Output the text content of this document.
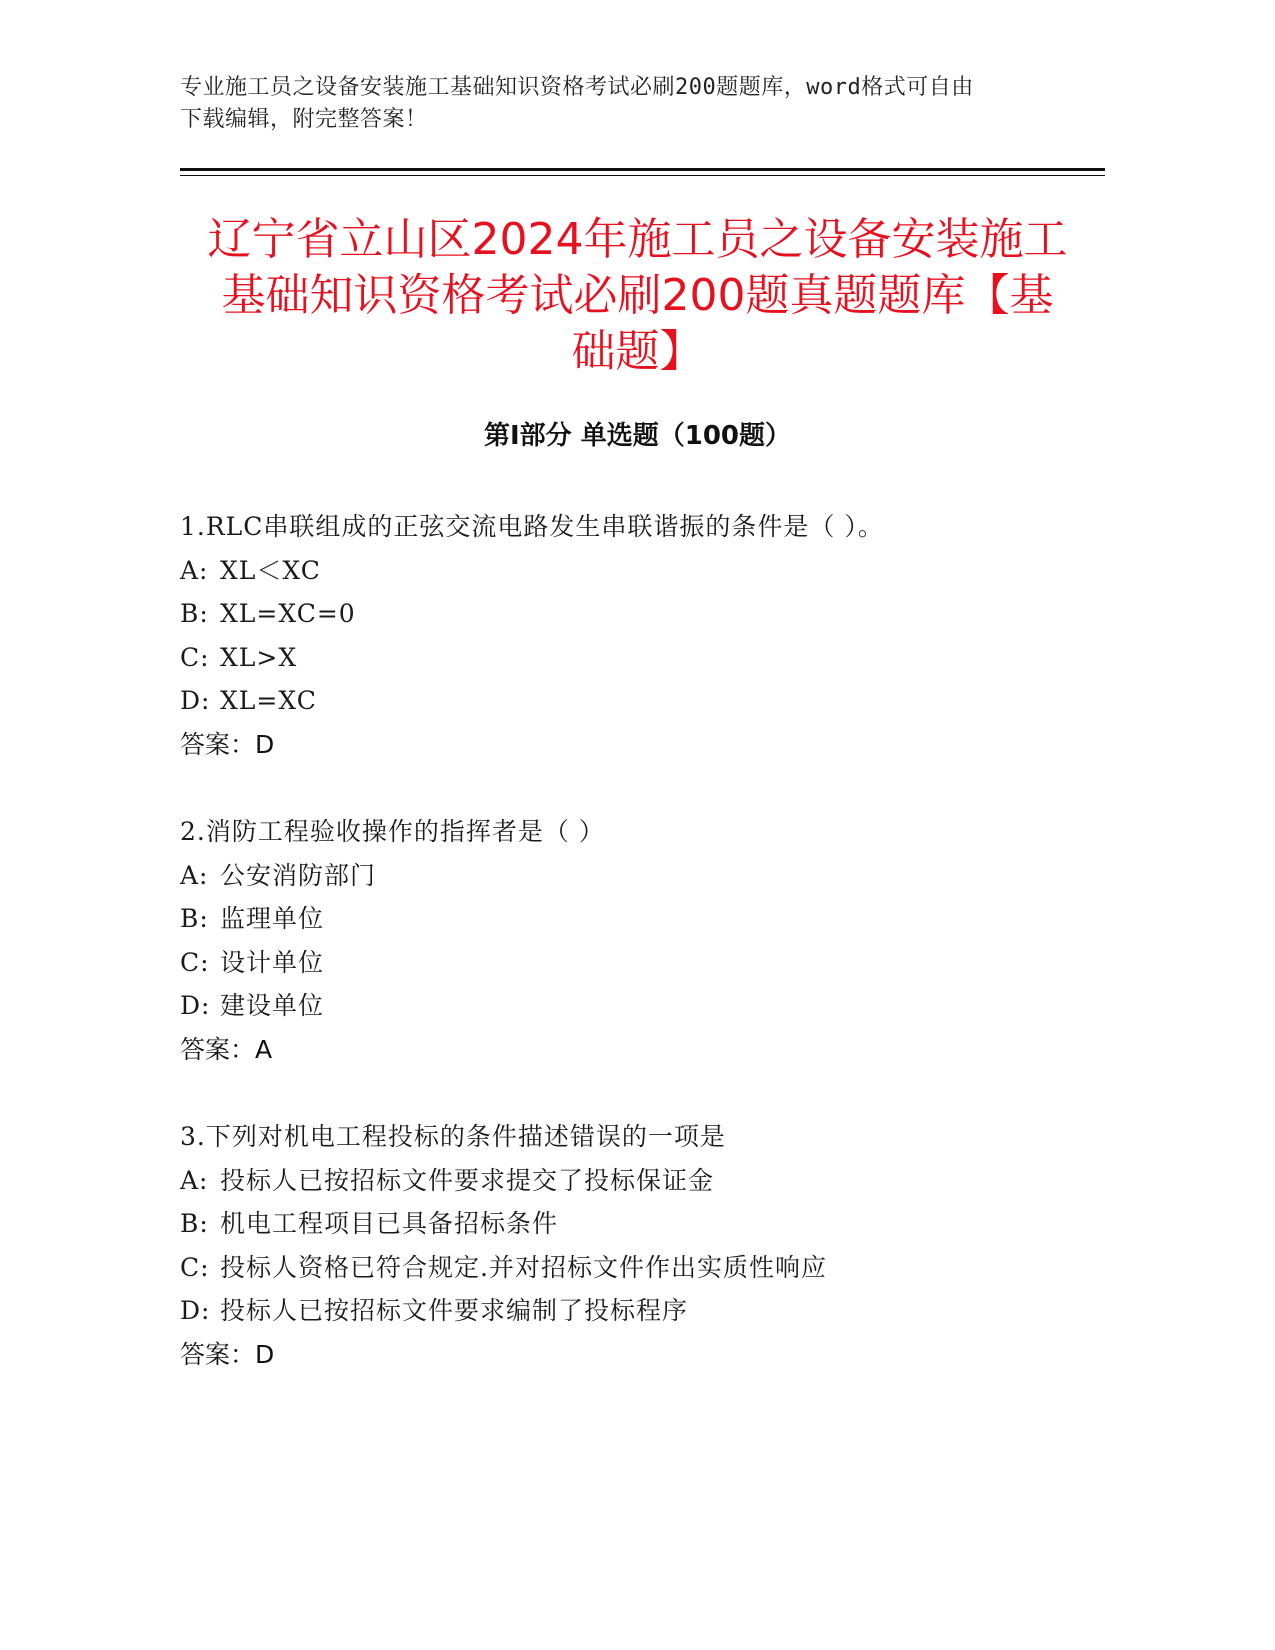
专业施工员之设备安装施工基础知识资格考试必刷200题题库，word格式可自由
下载编辑，附完整答案！
辽宁省立山区2024年施工员之设备安装施工
基础知识资格考试必刷200题真题题库【基
础题】
第I部分 单选题（100题）
1.RLC串联组成的正弦交流电路发生串联谐振的条件是（ ）。
A: XL＜XC
B: XL=XC=0
C: XL>X
D: XL=XC
答案：D
2.消防工程验收操作的指挥者是（ ）
A: 公安消防部门
B: 监理单位
C: 设计单位
D: 建设单位
答案：A
3.下列对机电工程投标的条件描述错误的一项是
A: 投标人已按招标文件要求提交了投标保证金
B: 机电工程项目已具备招标条件
C: 投标人资格已符合规定.并对招标文件作出实质性响应
D: 投标人已按招标文件要求编制了投标程序
答案：D
